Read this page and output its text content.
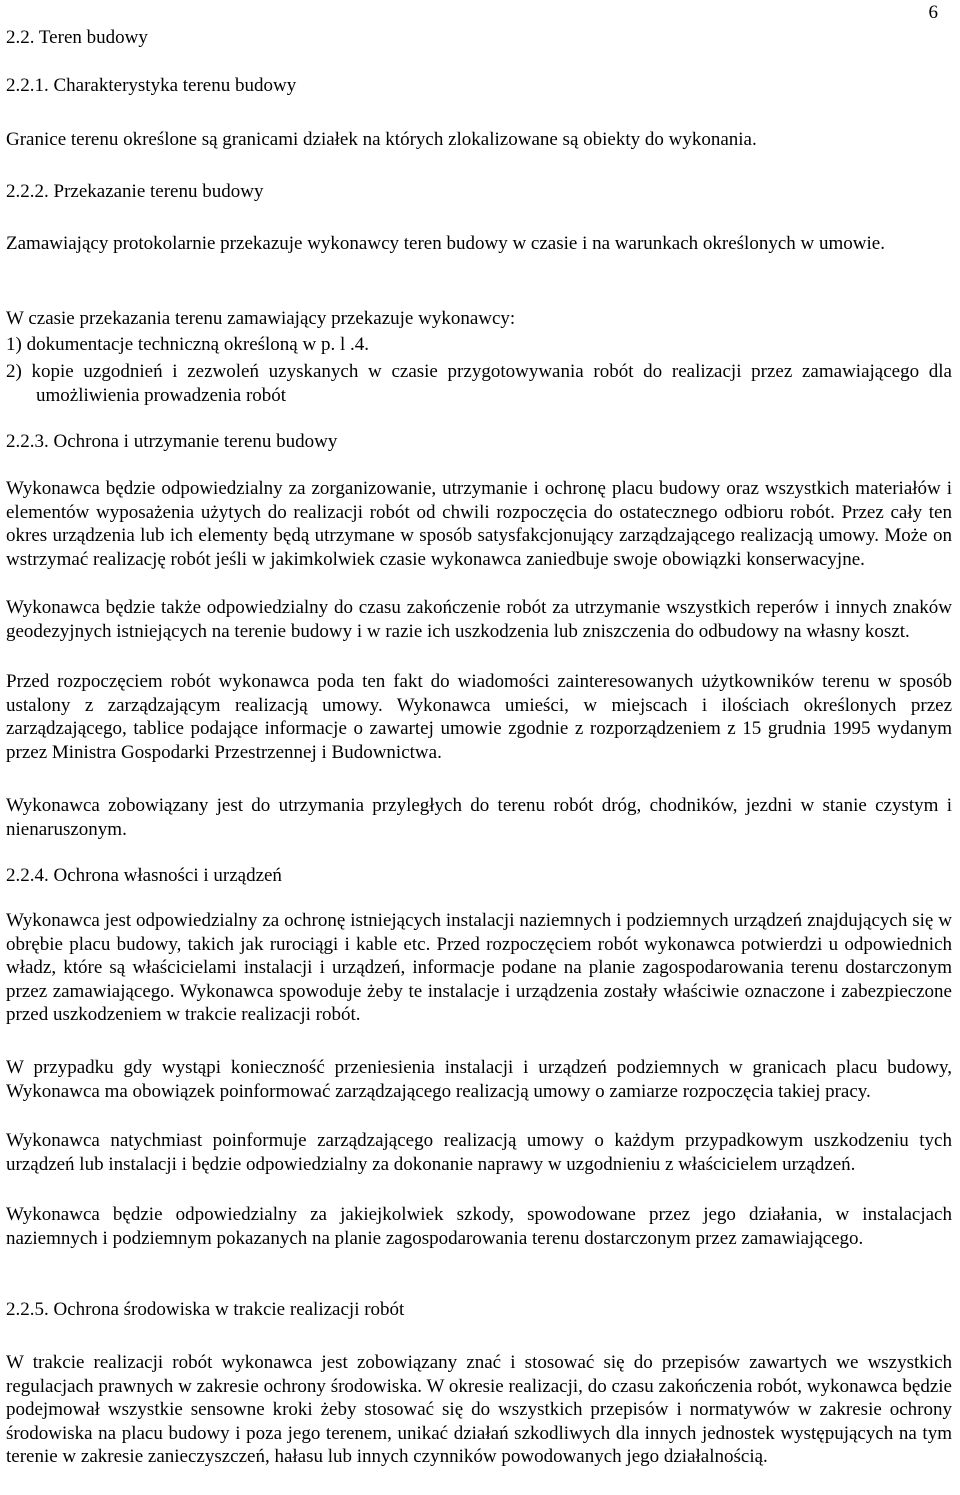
6

2.2. Teren budowy

2.2.1. Charakterystyka terenu budowy

Granice terenu określone są granicami działek na których zlokalizowane są obiekty do wykonania.

2.2.2. Przekazanie terenu budowy

Zamawiający protokolarnie przekazuje wykonawcy teren budowy w czasie i na warunkach określonych w umowie.

W czasie przekazania terenu zamawiający przekazuje wykonawcy:

1) dokumentacje techniczną określoną w p. l .4.

2) kopie uzgodnień i zezwoleń uzyskanych w czasie przygotowywania robót do realizacji przez zamawiającego dla umożliwienia prowadzenia robót

2.2.3. Ochrona i utrzymanie terenu budowy

Wykonawca będzie odpowiedzialny za zorganizowanie, utrzymanie i ochronę placu budowy oraz wszystkich materiałów i elementów wyposażenia użytych do realizacji robót od chwili rozpoczęcia do ostatecznego odbioru robót. Przez cały ten okres urządzenia lub ich elementy będą utrzymane w sposób satysfakcjonujący zarządzającego realizacją umowy. Może on wstrzymać realizację robót jeśli w jakimkolwiek czasie wykonawca zaniedbuje swoje obowiązki konserwacyjne.

Wykonawca będzie także odpowiedzialny do czasu zakończenie robót za utrzymanie wszystkich reperów i innych znaków geodezyjnych istniejących na terenie budowy i w razie ich uszkodzenia lub zniszczenia do odbudowy na własny koszt.

Przed rozpoczęciem robót wykonawca poda ten fakt do wiadomości zainteresowanych użytkowników terenu w sposób ustalony z zarządzającym realizacją umowy. Wykonawca umieści, w miejscach i ilościach określonych przez zarządzającego, tablice podające informacje o zawartej umowie zgodnie z rozporządzeniem z 15 grudnia 1995 wydanym przez Ministra Gospodarki Przestrzennej i Budownictwa.

Wykonawca zobowiązany jest do utrzymania przyległych do terenu robót dróg, chodników, jezdni w stanie czystym i nienaruszonym.

2.2.4. Ochrona własności i urządzeń

Wykonawca jest odpowiedzialny za ochronę istniejących instalacji naziemnych i podziemnych urządzeń znajdujących się w obrębie placu budowy, takich jak rurociągi i kable etc. Przed rozpoczęciem robót wykonawca potwierdzi u odpowiednich władz, które są właścicielami instalacji i urządzeń, informacje podane na planie zagospodarowania terenu dostarczonym przez zamawiającego. Wykonawca spowoduje żeby te instalacje i urządzenia zostały właściwie oznaczone i zabezpieczone przed uszkodzeniem w trakcie realizacji robót.

W przypadku gdy wystąpi konieczność przeniesienia instalacji i urządzeń podziemnych w granicach placu budowy, Wykonawca ma obowiązek poinformować zarządzającego realizacją umowy o zamiarze rozpoczęcia takiej pracy.

Wykonawca natychmiast poinformuje zarządzającego realizacją umowy o każdym przypadkowym uszkodzeniu tych urządzeń lub instalacji i będzie odpowiedzialny za dokonanie naprawy w uzgodnieniu z właścicielem urządzeń.

Wykonawca będzie odpowiedzialny za jakiejkolwiek szkody, spowodowane przez jego działania, w instalacjach naziemnych i podziemnym pokazanych na planie zagospodarowania terenu dostarczonym przez zamawiającego.

2.2.5. Ochrona środowiska w trakcie realizacji robót

W trakcie realizacji robót wykonawca jest zobowiązany znać i stosować się do przepisów zawartych we wszystkich regulacjach prawnych w zakresie ochrony środowiska. W okresie realizacji, do czasu zakończenia robót, wykonawca będzie podejmował wszystkie sensowne kroki żeby stosować się do wszystkich przepisów i normatywów w zakresie ochrony środowiska na placu budowy i poza jego terenem, unikać działań szkodliwych dla innych jednostek występujących na tym terenie w zakresie zanieczyszczeń, hałasu lub innych czynników powodowanych jego działalnością.
